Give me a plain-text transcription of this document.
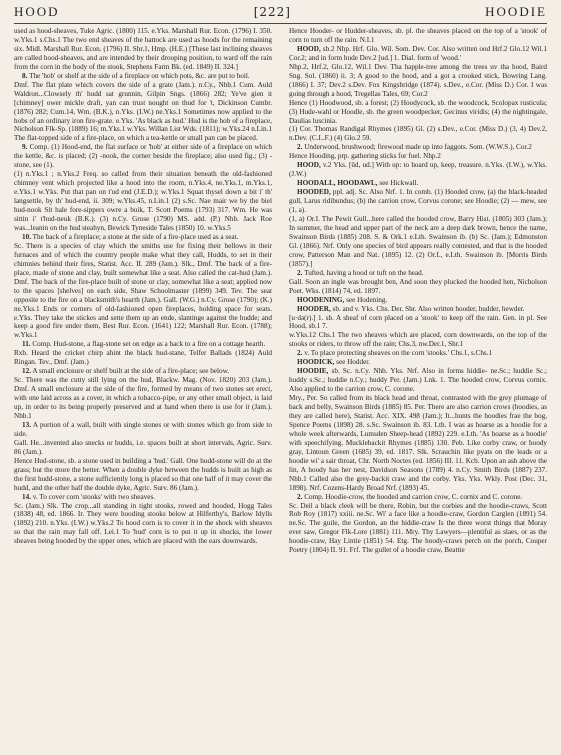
HOOD	[222]	HOODIE

used as hood-sheaves, Tuke Agric. (1800) 115. e.Yks. Marshall Rur. Econ. (1796) I. 350. w.Yks.1 s.Chs.1 The two end sheaves of the hattock are used as hoods for the remaining six. Midl. Marshall Rur. Econ. (1796) II. Shr.1, Hmp. (H.E.) [These last inclining sheaves are called hood-sheaves, and are intended by their drooping position, to ward off the rain from the corn in the body of the stook, Stephens Farm Bk. (ed. 1849) II. 324.]

8. The 'hob' or shelf at the side of a fireplace on which pots, &c. are put to boil.

Dmf. The flat plate which covers the side of a grate (Jam.). n.Cy., Nhb.1 Cum. Auld Waldron...Clowsely th' hudd sat grunnin, Gilpin Sngs. (1866) 282; Ye've gien it [chimney] ower mickle draft, yan can trust nought on thud for 't, Dickinson Cumbr. (1876) 282; Cum.14, Wm. (B.K.), n.Yks. (I.W.) ne.Yks.1 Sometimes now applied to the hobs of an ordinary iron fire-grate. e.Yks. 'As black as hud.' Hud is the hob of a fireplace, Nicholson Flk-Sp. (1889) 16; m.Yks.1 w.Yks. Willan List Wds. (1811); w.Yks.24 n.Lin.1 The flat-topped side of a fire-place, on which a tea-kettle or small pan can be placed.

9. Comp. (1) Hood-end, the flat surface or 'hob' at either side of a fireplace on which the kettle, &c. is placed; (2) -nook, the corner beside the fireplace; also used fig.; (3) -stone, see (1).

(1) n.Yks.1 ; n.Yks.2 Freq. so called from their situation beneath the old-fashioned chimney vent which projected like a hood into the room, n.Yks.4, ne.Yks.1, m.Yks.1, e.Yks.1 w.Yks. Put that pan on t'ud end (J.E.D.); w.Yks.1 Squat thysel down a bit i' th' langsettle, by th' hud-end, ii. 309; w.Yks.45, n.Lin.1 (2) s.Sc. Nae mair we by the biel hud-nook Sit hale fore-sippers owre a buik, T. Scott Poems (1793) 317. Wm. He was sittin i' t'hud-neuk (B.K.). (3) n.Cy. Grose (1790) MS. add. (P.) Nhb. Jack Roe was...leanin on the hud steahyn, Bewick Tyneside Tales (1850) 10. w.Yks.5

10. The back of a fireplace; a stone at the side of a fire-place used as a seat.

Sc. There is a species of clay which the smiths use for fixing their bellows in their furnaces and of which the country people make what they call, Hudds, to set in their chimnies behind their fires, Statist. Acc. II. 289 (Jam.). Slk., Dmf. The back of a fire-place, made of stone and clay, built somewhat like a seat. Also called the cat-hud (Jam.). Dmf. The back of the fire-place built of stone or clay, somewhat like a seat; applied now to the spaces [shelves] on each side, Shaw Schoolmaster (1899) 349. Tev. The seat opposite to the fire on a blacksmith's hearth (Jam.). Gall. (W.G.) n.Cy. Grose (1790); (K.) ne.Yks.1 Ends or corners of old-fashioned open fireplaces, holding space for seats. e.Yks. They take the stickes and sette them up an ende, slantinge against the hudde; and keep a good fire under them, Best Rur. Econ. (1641) 122; Marshall Rur. Econ. (1788); w.Yks.1

11. Comp. Hud-stone, a flag-stone set on edge as a back to a fire on a cottage hearth.

Rxb. Heard the cricket chirp ahint the black hud-stane, Telfer Ballads (1824) Auld Ringan. Tev., Dmf. (Jam.)

12. A small enclosure or shelf built at the side of a fire-place; see below.

Sc. There was the cutty still lying on the hud, Blackw. Mag. (Nov. 1820) 203 (Jam.). Dmf. A small enclosure at the side of the fire, formed by means of two stones set erect, with one laid across as a cover, in which a tobacco-pipe, or any other small object, is laid up, in order to its being properly preserved and at hand when there is use for it (Jam.). Nhb.1

13. A portion of a wall, built with single stones or with stones which go from side to side.

Gall. He...invented also snecks or budds, i.e. spaces built at short intervals, Agric. Surv. 86 (Jam.).

Hence Hud-stone, sb. a stone used in building a 'hud.' Gall. One hudd-stone will do at the grass; but the more the better. When a double dyke between the hudds is built as high as the first hudd-stone, a stone sufficiently long is placed so that one half of it may cover the hudd, and the other half the double dyke, Agric. Surv. 86 (Jam.).

14. v. To cover corn 'stooks' with two sheaves.

Sc. (Jam.) Slk. The crop...all standing in tight stooks, rowed and hooded, Hogg Tales (1838) 48, ed. 1866. Ir. They were hooding stooks below at Hilferthy's, Barlow Idylls (1892) 210. n.Yks. (I.W.) w.Yks.2 To hood corn is to cover it in the shock with sheaves so that the rain may fall off. Lei.1 To 'hud' corn is to put it up in shocks, the lower sheaves being hooded by the upper ones, which are placed with the ears downwards.

Hence Hooder- or Hudder-sheaves, sb. pl. the sheaves placed on the top of a 'stook' of corn to turn off the rain. N.I.1

HOOD, sb.2 Nhp. Hrf. Glo. Wil. Som. Dev. Cor. Also written ood Hrf.2 Glo.12 Wil.1 Cor.2; and in form hude Dev.2 [ud.] 1. Dial. form of 'wood.'

Nhp.2, Hrf.2, Glo.12, Wil.1 Dev. Tha happle-tree among the trees uv tha hood, Baird Sng. Sol. (1860) ii. 3; A good to the hood, and a got a crooked stick, Bowring Lang. (1866) I. 37; Dev.2 s.Dev. Fox Kingsbridge (1874). s.Dev., e.Cor. (Miss D.) Cor. I was going through a hood, Tregellas Tales, 69; Cor.2

Hence (1) Hoodwood, sb. a forest; (2) Hoodycock, sb. the woodcock, Scolopax rusticula; (3) Hude-wahl or Hoodle, sb. the green woodpecker, Gecinus viridis; (4) the nightingale, Daulias luscinia.

(1) Cor. Thomas Randigal Rhymes (1895) Gl. (2) s.Dev., e.Cor. (Miss D.) (3, 4) Dev.2, n.Dev. (C.L.F.) (4) Glo.2 59.

2. Underwood, brushwood; firewood made up into faggots. Som. (W.W.S.), Cor.2

Hence Hooding, prp. gathering sticks for fuel. Nhp.2

HOOD, v.2 Yks. [ūd, ud.] With up: to hoard up, keep, treasure. n.Yks. (I.W.), w.Yks. (J.W.)

HOODALL, HOODAWL, see Hickwall.

HOODED, ppl. adj. Sc. Also Nrf. 1. In comb. (1) Hooded crow, (a) the black-headed gull, Larus ridibundus; (b) the carrion crow, Corvus corone; see Hoodie; (2) — mew, see (1, a).

(1, a) Or.I. The Pewit Gull...here called the hooded crow, Barry Hist. (1805) 303 (Jam.); In summer, the head and upper part of the neck are a deep dark brown, hence the name, Swainson Birds (1885) 208. S. & Ork.1 e.Lth. Swainson ib. (b) Sc. (Jam.); Edmonston Gl. (1866). Nrf. Only one species of bird appears really contested, and that is the hooded crow, Patterson Man and Nat. (1895) 12. (2) Or.I., e.Lth. Swainson ib. [Morris Birds (1857).]

2. Tufted, having a hood or tuft on the head.

Gall. Soon an ingle was brought ben, And soon they plucked the hooded hen, Nicholson Poet. Wks. (1814) 74, ed. 1897.

HOODENING, see Hodening.

HOODER, sb. and v. Yks. Chs. Der. Shr. Also written hooder, hudder, hewder.

[u·də(r).] 1. sb. A sheaf of corn placed on a 'stook' to keep off the rain. Gen. in pl. See Hood, sb.1 7.

w.Yks.12 Chs.1 The two sheaves which are placed, corn downwards, on the top of the stooks or riders, to throw off the rain; Chs.3, nw.Der.1, Shr.1

2. v. To place protecting sheaves on the corn 'stooks.' Chs.1, s.Chs.1

HOODICK, see Hodder.

HOODIE, sb. Sc. n.Cy. Nhb. Yks. Nrf. Also in forms hiddie- ne.Sc.; huddie Sc.; huddy s.Sc.; huddie n.Cy.; huddy Per. (Jam.) Lnk. 1. The hooded crow, Corvus cornix. Also applied to the carrion crow, C. corone.

Mry., Per. So called from its black head and throat, contrasted with the grey plumage of back and belly, Swainson Birds (1885) 85. Per. There are also carrion crows (hoodies, as they are called here), Statist. Acc. XIX. 498 (Jam.); It...hunts the hoodies frae the bog, Spence Poems (1898) 28. s.Sc. Swainson ib. 83. Lth. I was as hoarse as a hoodie for a whole week afterwards, Lumsden Sheep-head (1892) 229. e.Lth. 'As hoarse as a hoodie' with speechifying, Mucklebackit Rhymes (1885) 130. Peb. Like corby craw, or hoody gray, Lintoun Green (1685) 39, ed. 1817. Slk. Scrauchin like pyats on the leads or a hoodie wi' a sair throat, Chr. North Noctes (ed. 1856) III. 11. Kcb. Upon an ash above the lin, A hoody has her nest, Davidson Seasons (1789) 4. n.Cy. Smith Birds (1887) 237. Nhb.1 Called also the grey-backit craw and the corby. Yks. Yks. Wkly. Post (Dec. 31, 1898). Nrf. Cozens-Hardy Broad Nrf. (1893) 45.

2. Comp. Hoodie-crow, the hooded and carrion crow, C. cornix and C. corone.

Sc. Deil a black cleek will be there, Robin, but the corbies and the hoodie-craws, Scott Rob Roy (1817) xxiii. ne.Sc. Wi' a face like a hoodie-craw, Gordon Carglen (1891) 54. ne.Sc. The guile, the Gordon, an the hiddie-craw Is the three worst things that Moray ever saw, Gregor Flk-Lore (1881) 111. Mry. Thy Lawyers—plentiful as slaes, or as the hoodie-craw, Hay Lintie (1851) 54. Etg. The hoody-craws perch on the porch, Couper Poetry (1804) II. 91. Frf. The gullet of a hoodie craw, Beattie
